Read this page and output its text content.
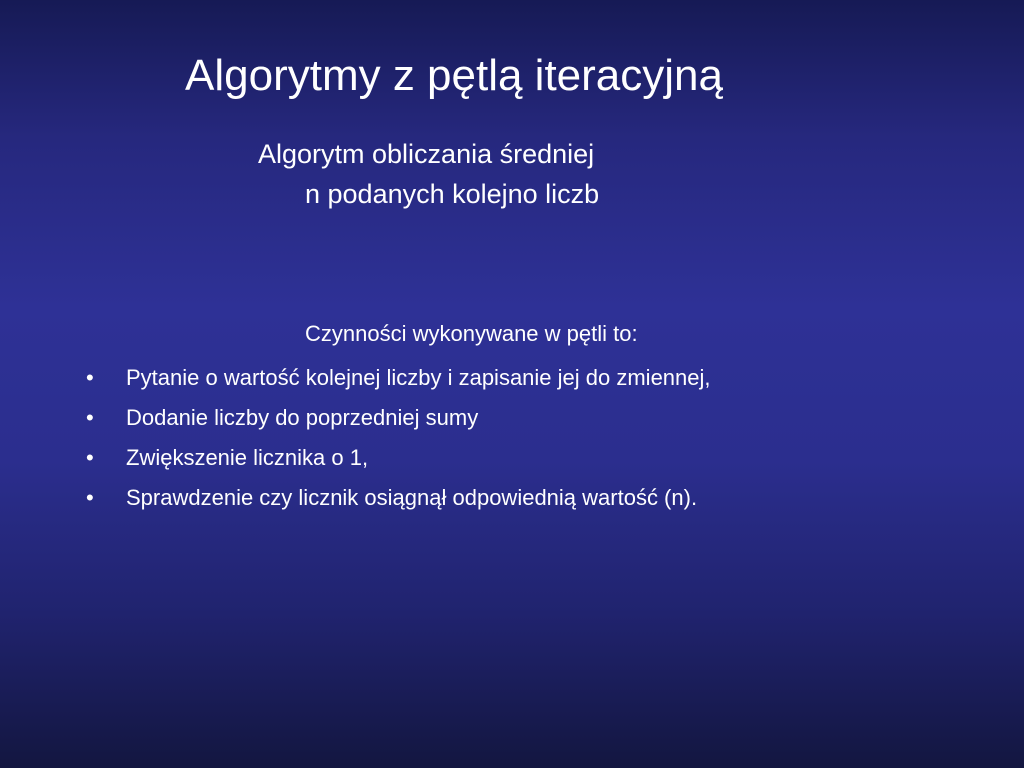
Algorytmy z pętlą iteracyjną
Algorytm obliczania średniej
n podanych kolejno liczb
Czynności wykonywane w pętli to:
• Pytanie o wartość kolejnej liczby i zapisanie jej do zmiennej,
• Dodanie liczby do poprzedniej sumy
• Zwiększenie licznika o 1,
• Sprawdzenie czy licznik osiągnął odpowiednią wartość (n).
